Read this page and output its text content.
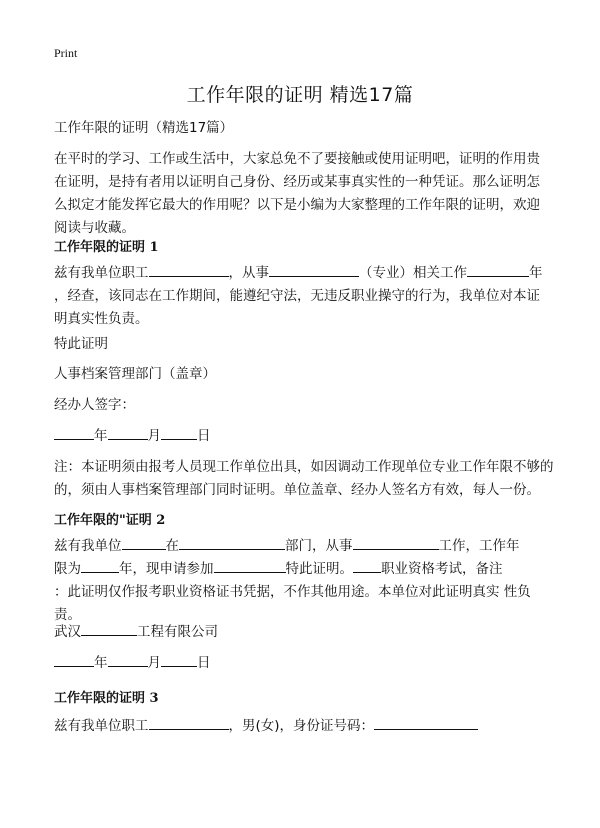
Print
工作年限的证明 精选17篇
工作年限的证明（精选17篇）
在平时的学习、工作或生活中，大家总免不了要接触或使用证明吧，证明的作用贵
在证明，是持有者用以证明自己身份、经历或某事真实性的一种凭证。那么证明怎
么拟定才能发挥它最大的作用呢？以下是小编为大家整理的工作年限的证明，欢迎
阅读与收藏。
工作年限的证明 1
兹有我单位职工	，从事	（专业）相关工作	年
，经查，该同志在工作期间，能遵纪守法，无违反职业操守的行为，我单位对本证
明真实性负责。
特此证明
人事档案管理部门（盖章）
经办人签字：
年	月	日
注：本证明须由报考人员现工作单位出具，如因调动工作现单位专业工作年限不够的
的，须由人事档案管理部门同时证明。单位盖章、经办人签名方有效，每人一份。
工作年限的"证明 2
兹有我单位	在	部门，从事	工作，工作年
限为	年，现申请参加	特此证明。 职业资格考试，备注
：此证明仅作报考职业资格证书凭据，不作其他用途。本单位对此证明真实 性负
责。
武汉	工程有限公司
年	月	日
工作年限的证明 3
兹有我单位职工	，男(女)，身份证号码：
